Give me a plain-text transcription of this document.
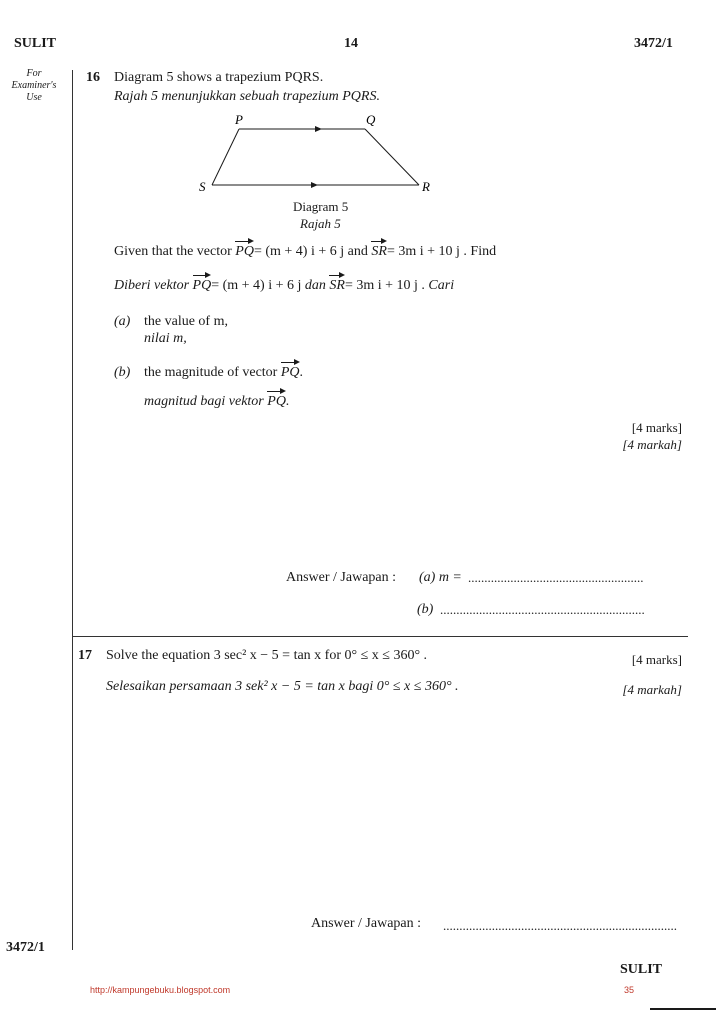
SULIT	14	3472/1
For
Examiner's
Use
16 Diagram 5 shows a trapezium PQRS.
Rajah 5 menunjukkan sebuah trapezium PQRS.
P	Q
R
S
Diagram 5
Rajah 5
Given that the vector PQ= (m + 4) i + 6 j and SR= 3m i + 10 j . Find
Diberi vektor PQ= (m + 4) i + 6 j dan SR= 3m i + 10 j . Cari
(a) the value of m,
nilai m,
(b) the magnitude of vector PQ.
magnitud bagi vektor PQ.
[4 marks]
[4 markah]
Answer / Jawapan : (a) m = ......................................................
(b) ...............................................................
17 Solve the equation 3 sec² x − 5 = tan x for 0° ≤ x ≤ 360° .
Selesaikan persamaan 3 sek² x − 5 = tan x bagi 0° ≤ x ≤ 360° .
[4 marks]
[4 markah]
Answer / Jawapan : ........................................................................
3472/1
SULIT
http://kampungebuku.blogspot.com	35
